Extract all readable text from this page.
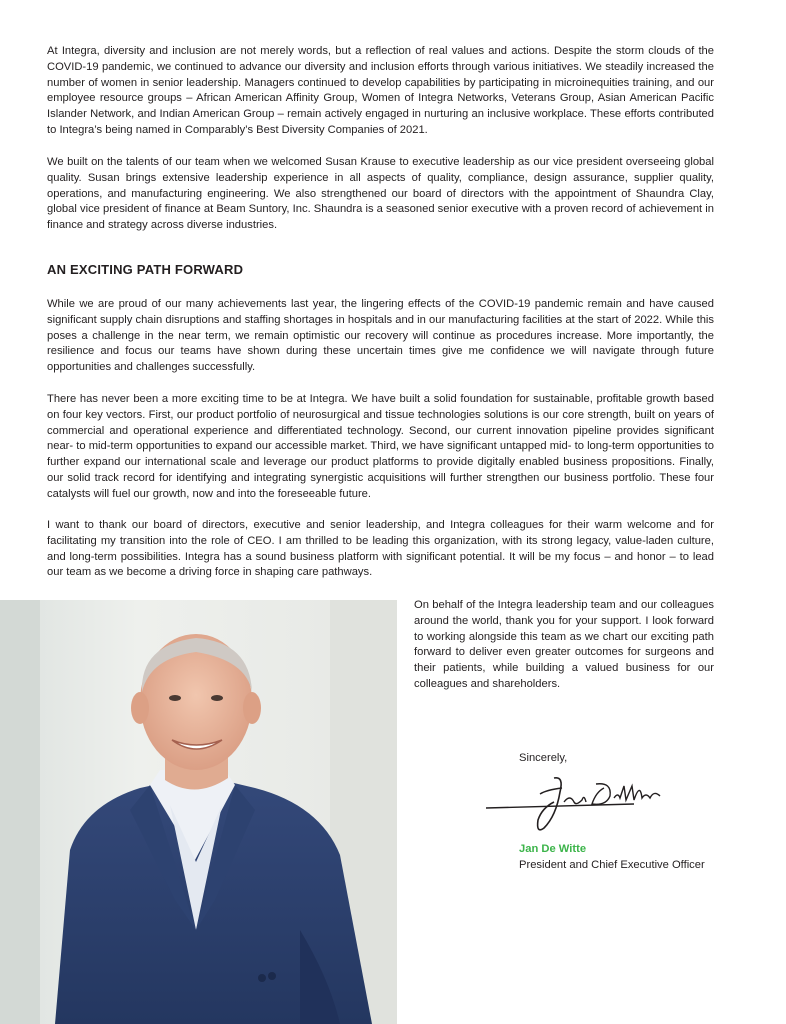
At Integra, diversity and inclusion are not merely words, but a reflection of real values and actions. Despite the storm clouds of the COVID-19 pandemic, we continued to advance our diversity and inclusion efforts through various initiatives. We steadily increased the number of women in senior leadership. Managers continued to develop capabilities by participating in microinequities training, and our employee resource groups – African American Affinity Group, Women of Integra Networks, Veterans Group, Asian American Pacific Islander Network, and Indian American Group – remain actively engaged in nurturing an inclusive workplace. These efforts contributed to Integra’s being named in Comparably’s Best Diversity Companies of 2021.

We built on the talents of our team when we welcomed Susan Krause to executive leadership as our vice president overseeing global quality. Susan brings extensive leadership experience in all aspects of quality, compliance, design assurance, supplier quality, operations, and manufacturing engineering. We also strengthened our board of directors with the appointment of Shaundra Clay, global vice president of finance at Beam Suntory, Inc. Shaundra is a seasoned senior executive with a proven record of achievement in finance and strategy across diverse industries.

AN EXCITING PATH FORWARD

While we are proud of our many achievements last year, the lingering effects of the COVID-19 pandemic remain and have caused significant supply chain disruptions and staffing shortages in hospitals and in our manufacturing facilities at the start of 2022. While this poses a challenge in the near term, we remain optimistic our recovery will continue as procedures increase. More importantly, the resilience and focus our teams have shown during these uncertain times give me confidence we will navigate through future opportunities and challenges successfully.

There has never been a more exciting time to be at Integra. We have built a solid foundation for sustainable, profitable growth based on four key vectors. First, our product portfolio of neurosurgical and tissue technologies solutions is our core strength, built on years of commercial and operational experience and differentiated technology. Second, our current innovation pipeline provides significant near- to mid-term opportunities to expand our accessible market. Third, we have significant untapped mid- to long-term opportunities to further expand our international scale and leverage our product platforms to provide digitally enabled business propositions. Finally, our solid track record for identifying and integrating synergistic acquisitions will further strengthen our business portfolio. These four catalysts will fuel our growth, now and into the foreseeable future.

I want to thank our board of directors, executive and senior leadership, and Integra colleagues for their warm welcome and for facilitating my transition into the role of CEO. I am thrilled to be leading this organization, with its strong legacy, value-laden culture, and long-term possibilities. Integra has a sound business platform with significant potential. It will be my focus – and honor – to lead our team as we become a driving force in shaping care pathways.

On behalf of the Integra leadership team and our colleagues around the world, thank you for your support. I look forward to working alongside this team as we chart our exciting path forward to deliver even greater outcomes for surgeons and their patients, while building a valued business for our colleagues and shareholders.

Sincerely,

Jan De Witte

President and Chief Executive Officer
